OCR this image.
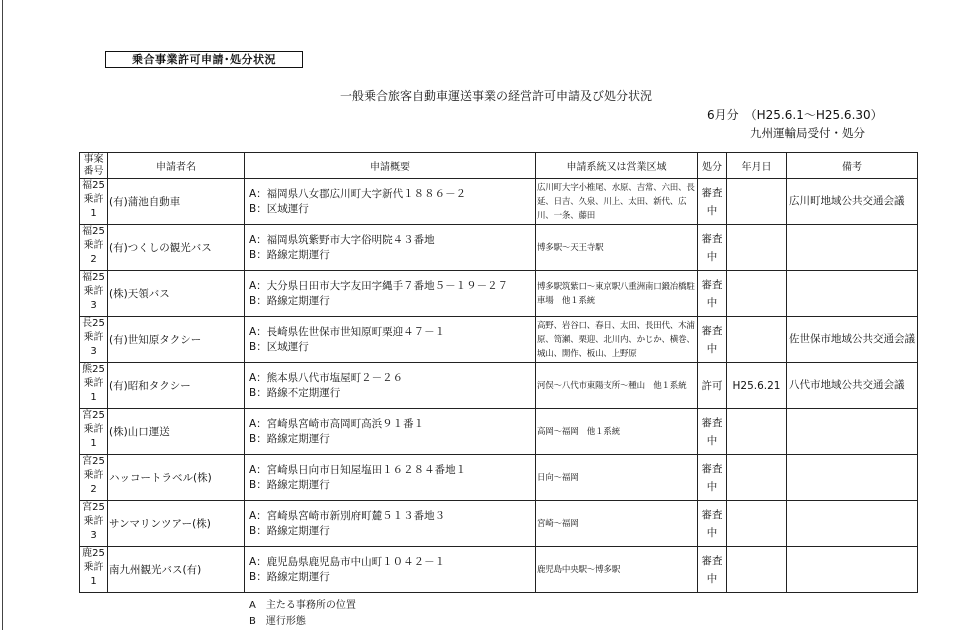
乗合事業許可申請･処分状況
一般乗合旅客自動車運送事業の経営許可申請及び処分状況
6月分　（H25.6.1～H25.6.30）
九州運輸局受付・処分
事案
番号	申請者名	申請概要	申請系統又は営業区域	処分	年月日	備考

福25
乗許
1	(有)蒲池自動車	A：福岡県八女郡広川町大字新代１８８６－２
B：区域運行	広川町大字小椎尾、水原、吉常、六田、長延、日吉、久泉、川上、太田、新代、広川、一条、藤田	審査
中		広川町地域公共交通会議

福25
乗許
2	(有)つくしの観光バス	A：福岡県筑紫野市大字俗明院４３番地
B：路線定期運行	博多駅～天王寺駅	審査
中		

福25
乗許
3	(株)天領バス	A：大分県日田市大字友田字縄手７番地５－１９－２７
B：路線定期運行	博多駅筑紫口～東京駅八重洲南口鍛冶橋駐車場　他１系統	審査
中		

長25
乗許
3	(有)世知原タクシー	A：長崎県佐世保市世知原町栗迎４７－１
B：区域運行	高野、岩谷口、春日、太田、長田代、木浦原、笥瀬、栗迎、北川内、かじか、横巻、城山、開作、板山、上野原	審査
中		佐世保市地域公共交通会議

熊25
乗許
1	(有)昭和タクシー	A：熊本県八代市塩屋町２－２６
B：路線不定期運行	河俣～八代市東陽支所～種山　他１系統	許可	H25.6.21	八代市地域公共交通会議

宮25
乗許
1	(株)山口運送	A：宮崎県宮崎市高岡町高浜９１番１
B：路線定期運行	高岡～福岡　他１系統	審査
中		

宮25
乗許
2	ハッコートラベル(株)	A：宮崎県日向市日知屋塩田１６２８４番地１
B：路線定期運行	日向～福岡	審査
中		

宮25
乗許
3	サンマリンツアー(株)	A：宮崎県宮崎市新別府町麓５１３番地３
B：路線定期運行	宮崎～福岡	審査
中		

鹿25
乗許
1	南九州観光バス(有)	A：鹿児島県鹿児島市中山町１０４２－１
B：路線定期運行	鹿児島中央駅～博多駅	審査
中		

A　主たる事務所の位置
B　運行形態
